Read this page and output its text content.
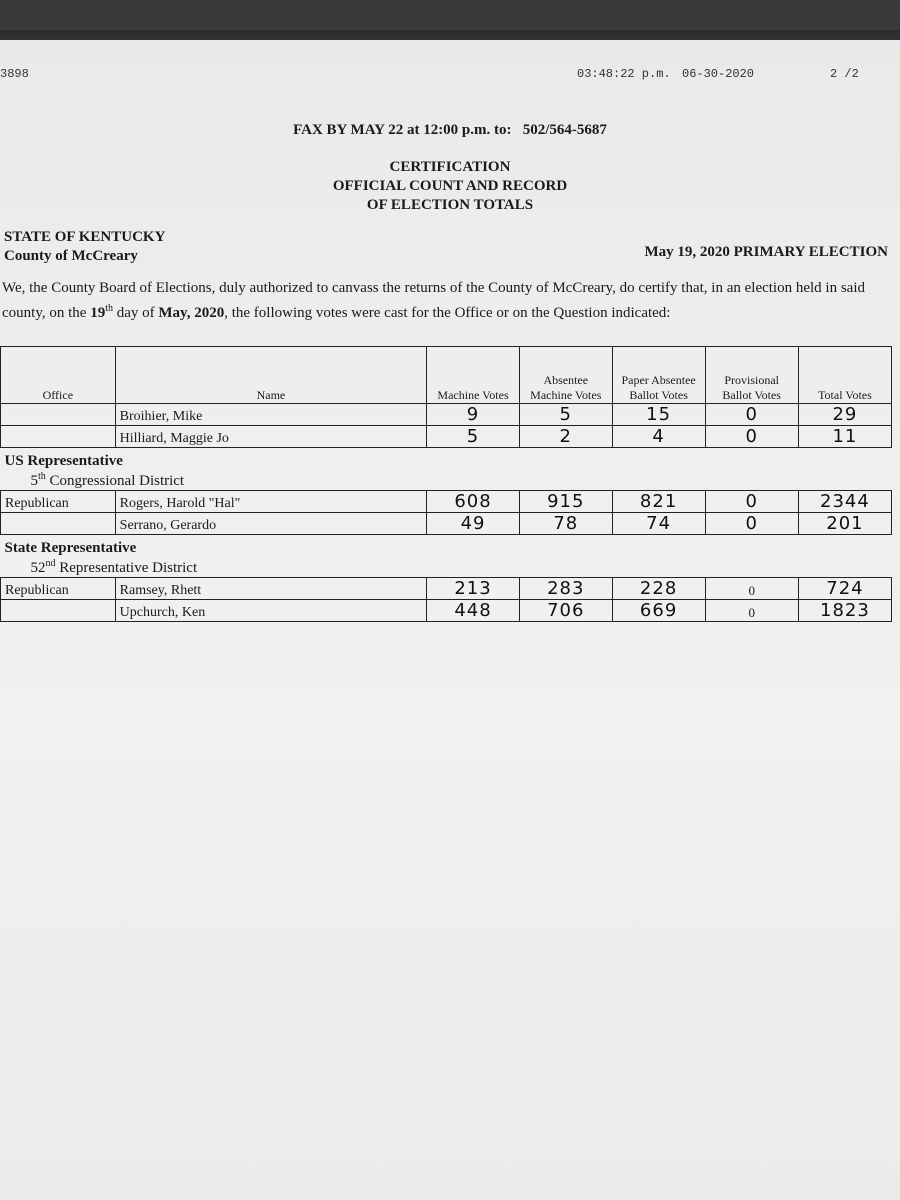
3898	03:48:22 p.m. 06-30-2020	2 /2
FAX BY MAY 22 at 12:00 p.m. to:   502/564-5687
CERTIFICATION
OFFICIAL COUNT AND RECORD
OF ELECTION TOTALS
STATE OF KENTUCKY
County of McCreary	May 19, 2020 PRIMARY ELECTION
We, the County Board of Elections, duly authorized to canvass the returns of the County of McCreary, do certify that, in an election held in said county, on the 19th day of May, 2020, the following votes were cast for the Office or on the Question indicated:
Office	Name	Machine Votes	Absentee Machine Votes	Paper Absentee Ballot Votes	Provisional Ballot Votes	Total Votes
	Broihier, Mike	9	5	15	0	29
	Hilliard, Maggie Jo	5	2	4	0	11
US Representative						
5th Congressional District						
Republican	Rogers, Harold "Hal"	608	915	821	0	2344
	Serrano, Gerardo	49	78	74	0	201
State Representative						
52nd Representative District						
Republican	Ramsey, Rhett	213	283	228	0	724
	Upchurch, Ken	448	706	669	0	1823
